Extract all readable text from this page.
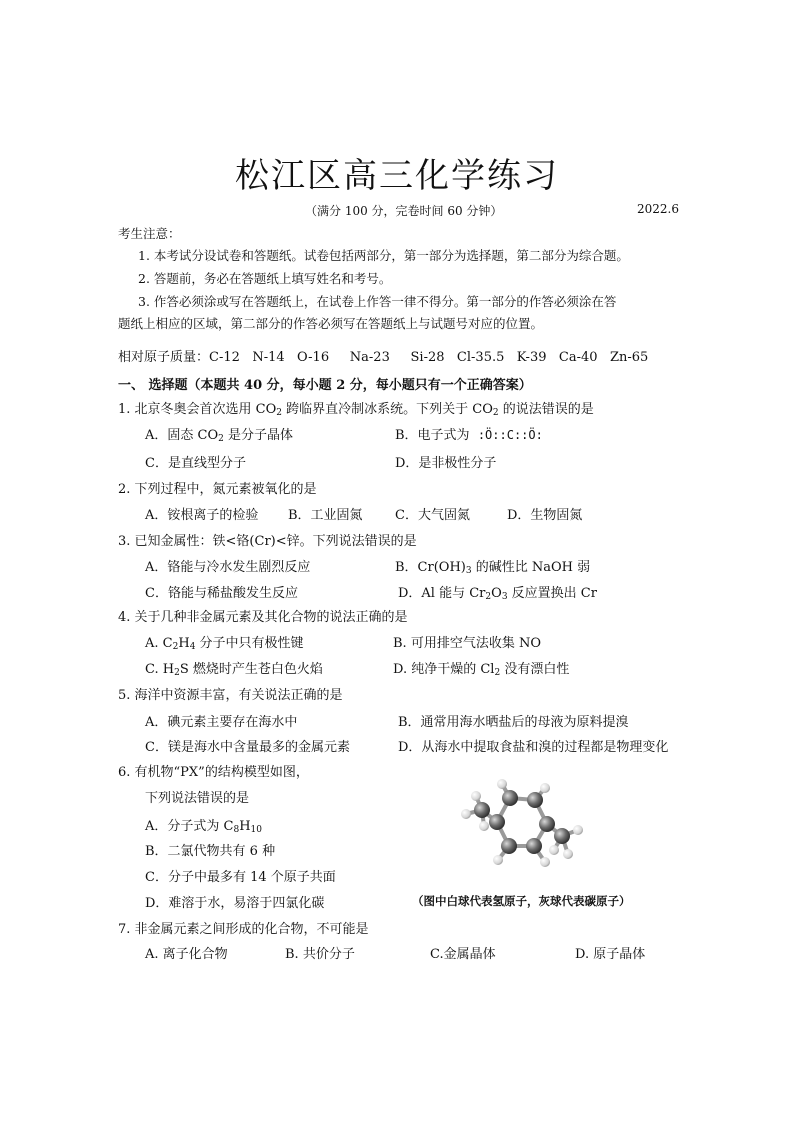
松江区高三化学练习
（满分 100 分，完卷时间 60 分钟）	2022.6
考生注意：
1. 本考试分设试卷和答题纸。试卷包括两部分，第一部分为选择题，第二部分为综合题。
2. 答题前，务必在答题纸上填写姓名和考号。
3. 作答必须涂或写在答题纸上，在试卷上作答一律不得分。第一部分的作答必须涂在答
题纸上相应的区域，第二部分的作答必须写在答题纸上与试题号对应的位置。
相对原子质量：C-12 N-14 O-16 Na-23 Si-28 Cl-35.5 K-39 Ca-40 Zn-65
一、 选择题（本题共 40 分，每小题 2 分，每小题只有一个正确答案）
1. 北京冬奥会首次选用 $CO_2$ 跨临界直冷制冰系统。下列关于 $CO_2$ 的说法错误的是
A．固态 $CO_2$ 是分子晶体	B．电子式为 :Ö::C::Ö:
C．是直线型分子	D．是非极性分子
2. 下列过程中，氮元素被氧化的是
A．铵根离子的检验 B．工业固氮 C．大气固氮	D．生物固氮
3. 已知金属性：铁<铬(Cr)<锌。下列说法错误的是
A．铬能与冷水发生剧烈反应	B．$Cr(OH)_3$ 的碱性比 NaOH 弱
C．铬能与稀盐酸发生反应	D．Al 能与 $Cr_2O_3$ 反应置换出 Cr
4. 关于几种非金属元素及其化合物的说法正确的是
A. $C_2H_4$ 分子中只有极性键	B. 可用排空气法收集 NO
C. $H_2S$ 燃烧时产生苍白色火焰	D. 纯净干燥的 $Cl_2$ 没有漂白性
5. 海洋中资源丰富，有关说法正确的是
A．碘元素主要存在海水中	B．通常用海水晒盐后的母液为原料提溴
C．镁是海水中含量最多的金属元素	D．从海水中提取食盐和溴的过程都是物理变化
6. 有机物“PX”的结构模型如图，
下列说法错误的是
A．分子式为 $C_8H_{10}$
B．二氯代物共有 6 种
C．分子中最多有 14 个原子共面
D．难溶于水，易溶于四氯化碳	（图中白球代表氢原子，灰球代表碳原子）
7. 非金属元素之间形成的化合物，不可能是
A. 离子化合物	B. 共价分子	C.金属晶体	D. 原子晶体
